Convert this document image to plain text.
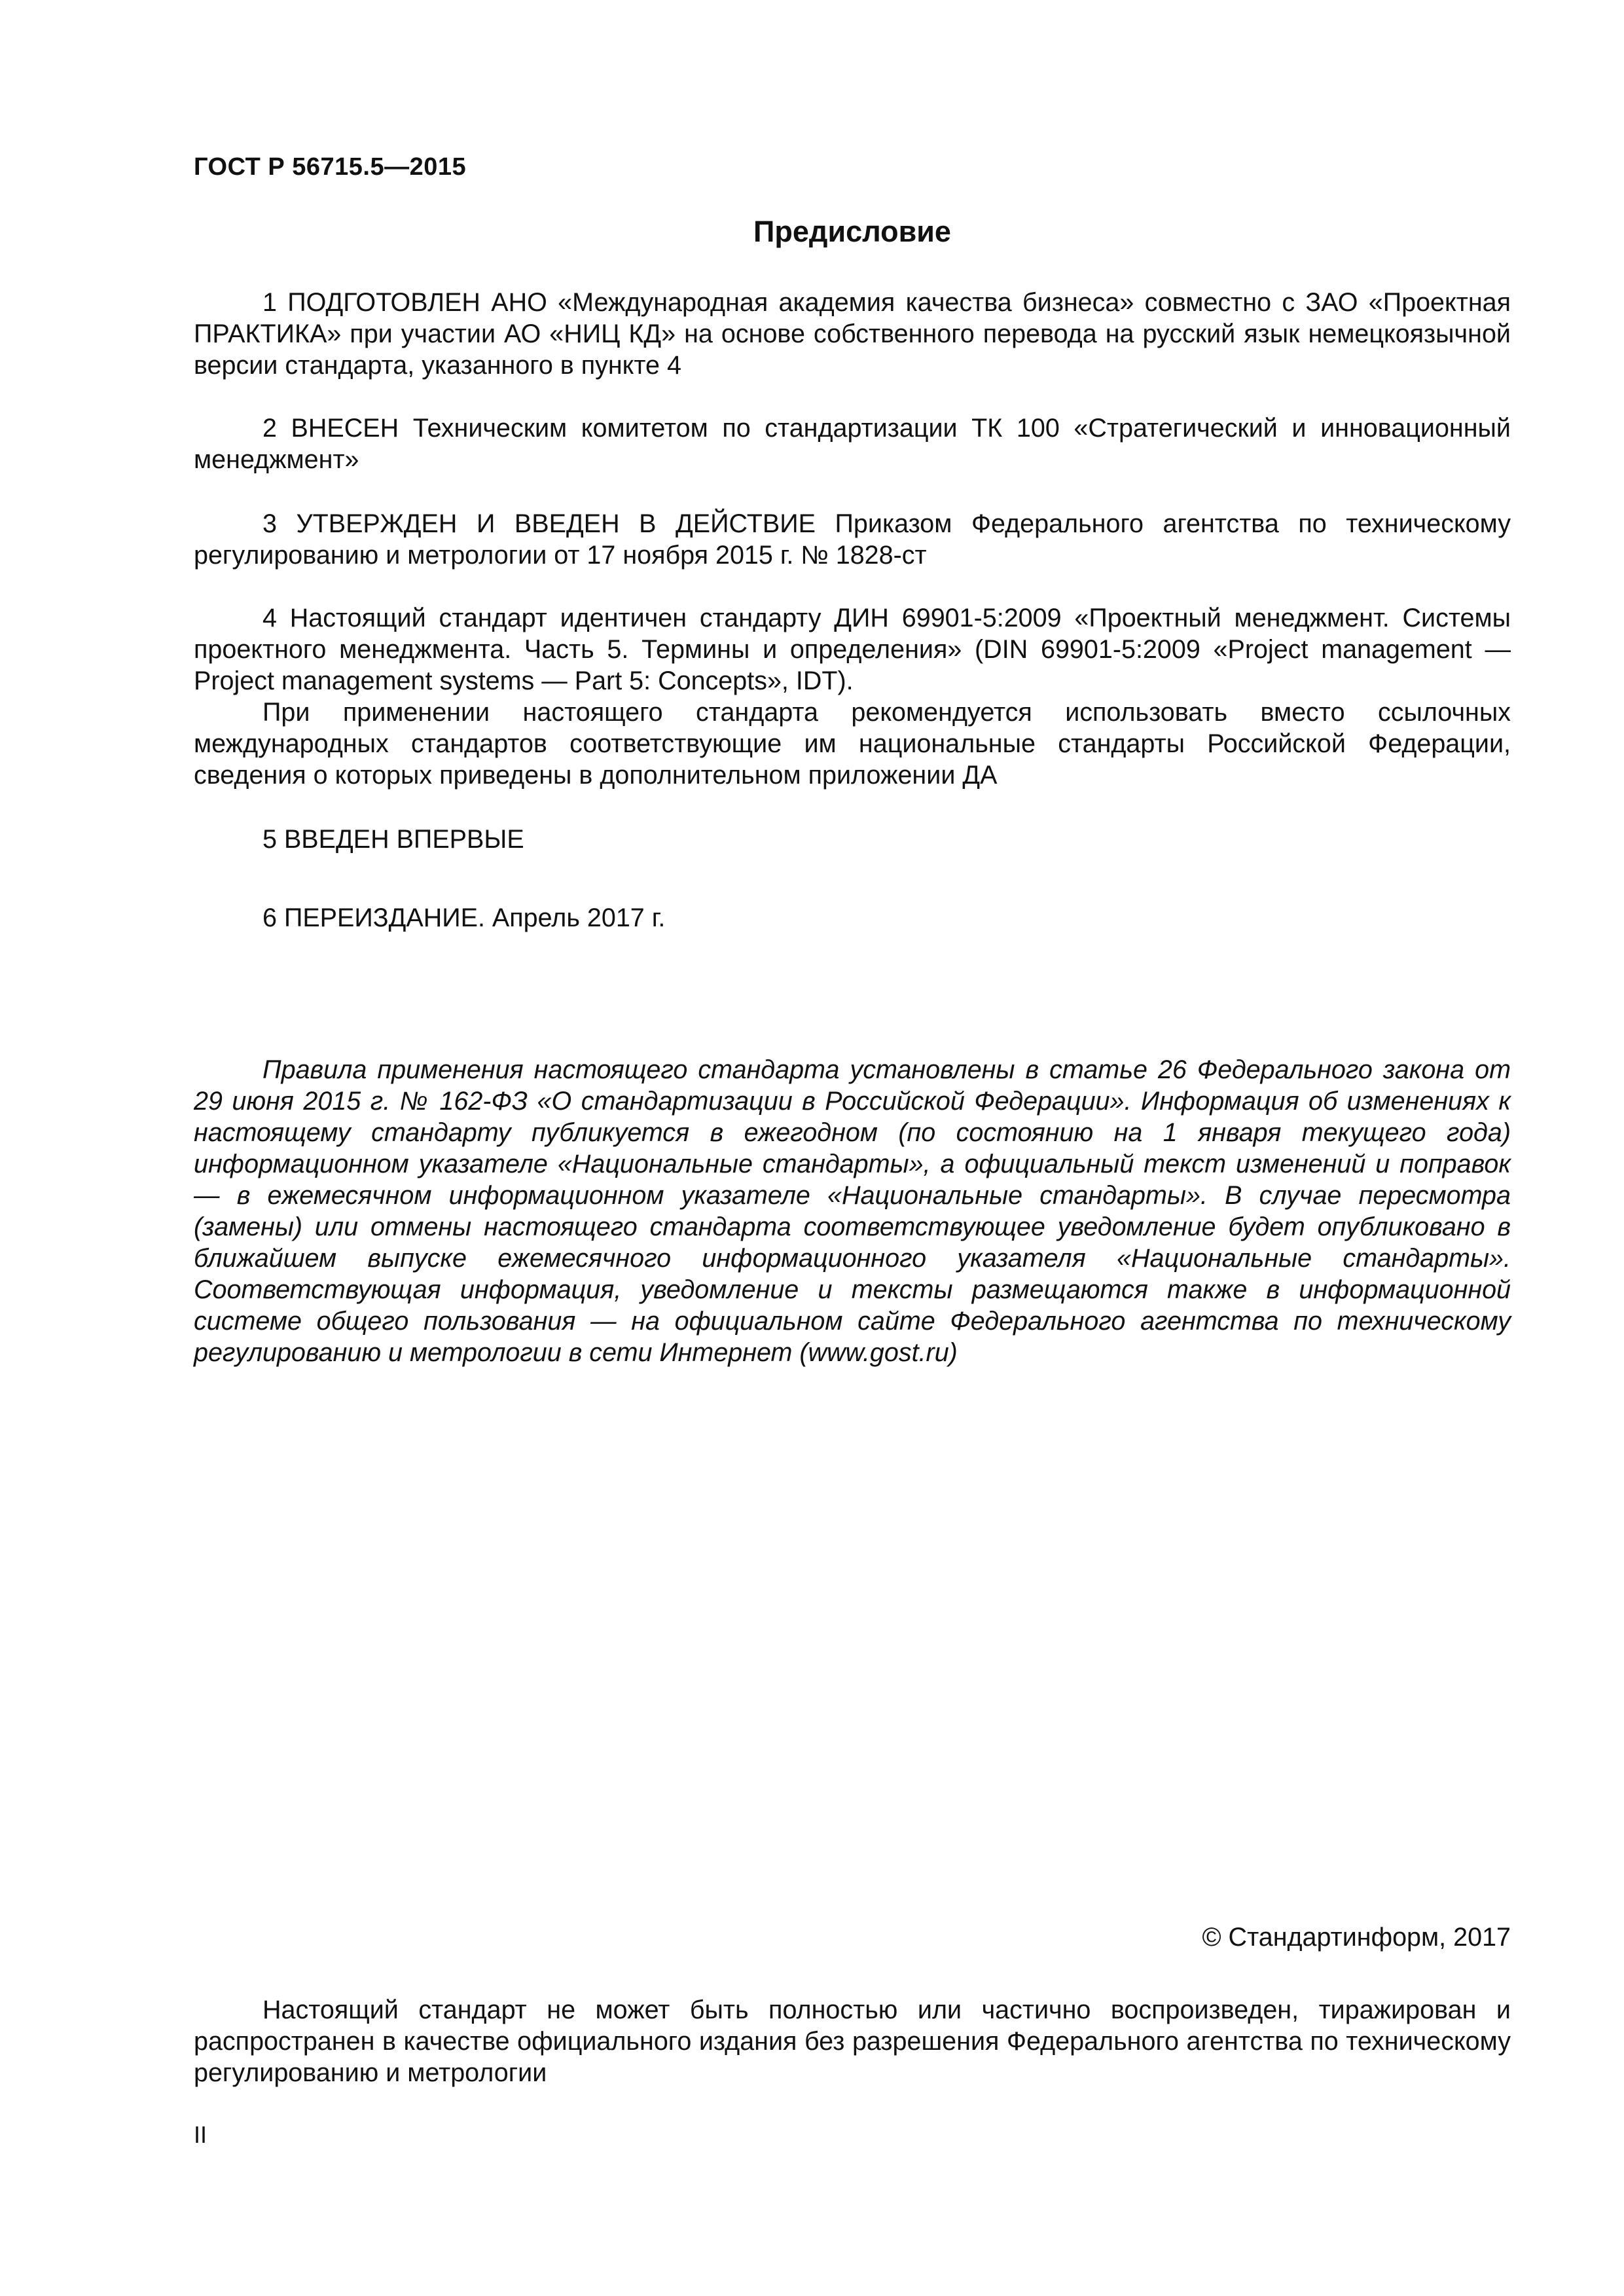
ГОСТ Р 56715.5—2015
Предисловие

1 ПОДГОТОВЛЕН АНО «Международная академия качества бизнеса» совместно с ЗАО «Проектная ПРАКТИКА» при участии АО «НИЦ КД» на основе собственного перевода на русский язык немецкоязычной версии стандарта, указанного в пункте 4

2 ВНЕСЕН Техническим комитетом по стандартизации ТК 100 «Стратегический и инновационный менеджмент»

3 УТВЕРЖДЕН И ВВЕДЕН В ДЕЙСТВИЕ Приказом Федерального агентства по техническому регулированию и метрологии от 17 ноября 2015 г. № 1828-ст

4 Настоящий стандарт идентичен стандарту ДИН 69901-5:2009 «Проектный менеджмент. Системы проектного менеджмента. Часть 5. Термины и определения» (DIN 69901-5:2009 «Project management — Project management systems — Part 5: Concepts», IDT).

При применении настоящего стандарта рекомендуется использовать вместо ссылочных международных стандартов соответствующие им национальные стандарты Российской Федерации, сведения о которых приведены в дополнительном приложении ДА

5 ВВЕДЕН ВПЕРВЫЕ

6 ПЕРЕИЗДАНИЕ. Апрель 2017 г.

Правила применения настоящего стандарта установлены в статье 26 Федерального закона от 29 июня 2015 г. № 162-ФЗ «О стандартизации в Российской Федерации». Информация об изменениях к настоящему стандарту публикуется в ежегодном (по состоянию на 1 января текущего года) информационном указателе «Национальные стандарты», а официальный текст изменений и поправок — в ежемесячном информационном указателе «Национальные стандарты». В случае пересмотра (замены) или отмены настоящего стандарта соответствующее уведомление будет опубликовано в ближайшем выпуске ежемесячного информационного указателя «Национальные стандарты». Соответствующая информация, уведомление и тексты размещаются также в информационной системе общего пользования — на официальном сайте Федерального агентства по техническому регулированию и метрологии в сети Интернет (www.gost.ru)

© Стандартинформ, 2017

Настоящий стандарт не может быть полностью или частично воспроизведен, тиражирован и распространен в качестве официального издания без разрешения Федерального агентства по техническому регулированию и метрологии

II
